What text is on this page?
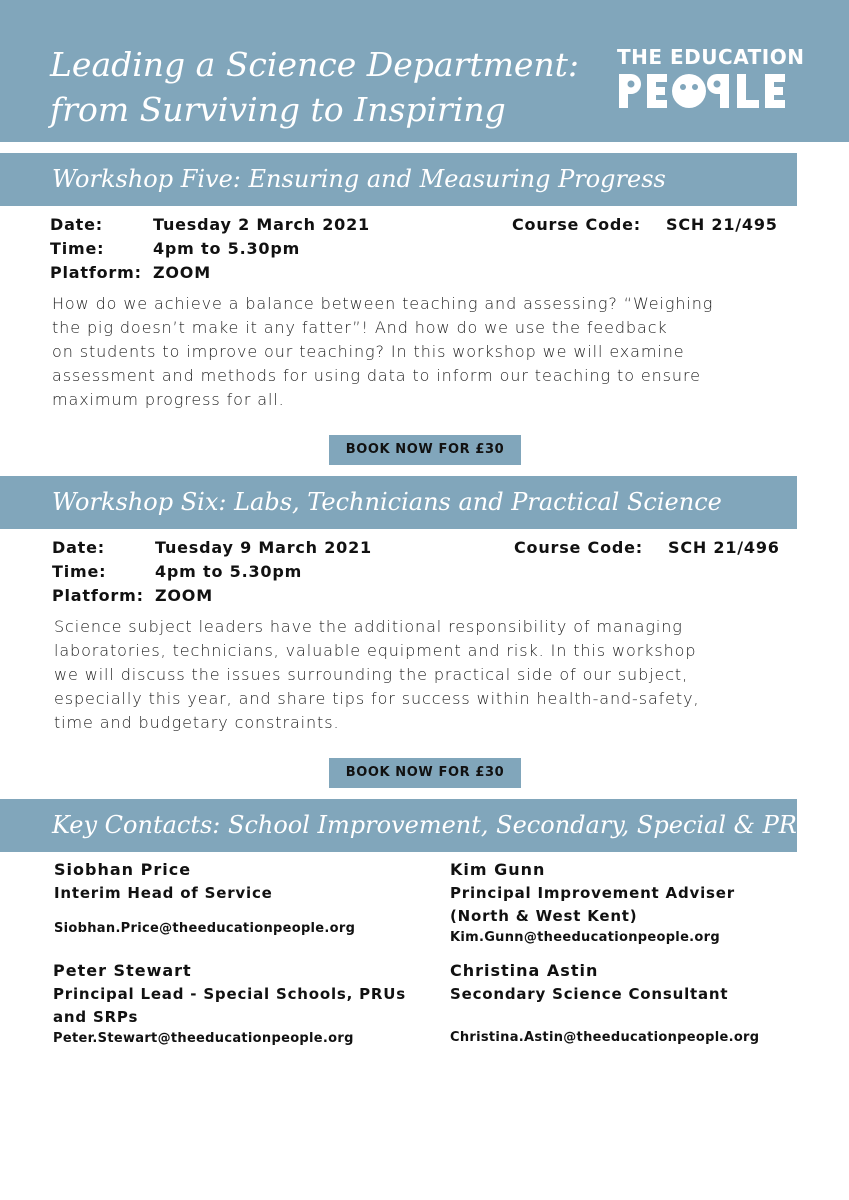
Leading a Science Department:
from Surviving to Inspiring
THE EDUCATION
Workshop Five: Ensuring and Measuring Progress
Date:	Tuesday 2 March 2021
Time:	4pm to 5.30pm
Platform: ZOOM
Course Code: SCH 21/495
How do we achieve a balance between teaching and assessing? “Weighing
the pig doesn’t make it any fatter”! And how do we use the feedback
on students to improve our teaching? In this workshop we will examine
assessment and methods for using data to inform our teaching to ensure
maximum progress for all.
BOOK NOW FOR £30
Workshop Six: Labs, Technicians and Practical Science
Date:	Tuesday 9 March 2021
Time:	4pm to 5.30pm
Platform: ZOOM
Course Code: SCH 21/496
Science subject leaders have the additional responsibility of managing
laboratories, technicians, valuable equipment and risk. In this workshop
we will discuss the issues surrounding the practical side of our subject,
especially this year, and share tips for success within health-and-safety,
time and budgetary constraints.
BOOK NOW FOR £30
Key Contacts: School Improvement, Secondary, Special & PRU
Siobhan Price
Interim Head of Service
Siobhan.Price@theeducationpeople.org
Kim Gunn
Principal Improvement Adviser
(North & West Kent)
Kim.Gunn@theeducationpeople.org
Peter Stewart
Principal Lead - Special Schools, PRUs
and SRPs
Peter.Stewart@theeducationpeople.org
Christina Astin
Secondary Science Consultant
Christina.Astin@theeducationpeople.org
